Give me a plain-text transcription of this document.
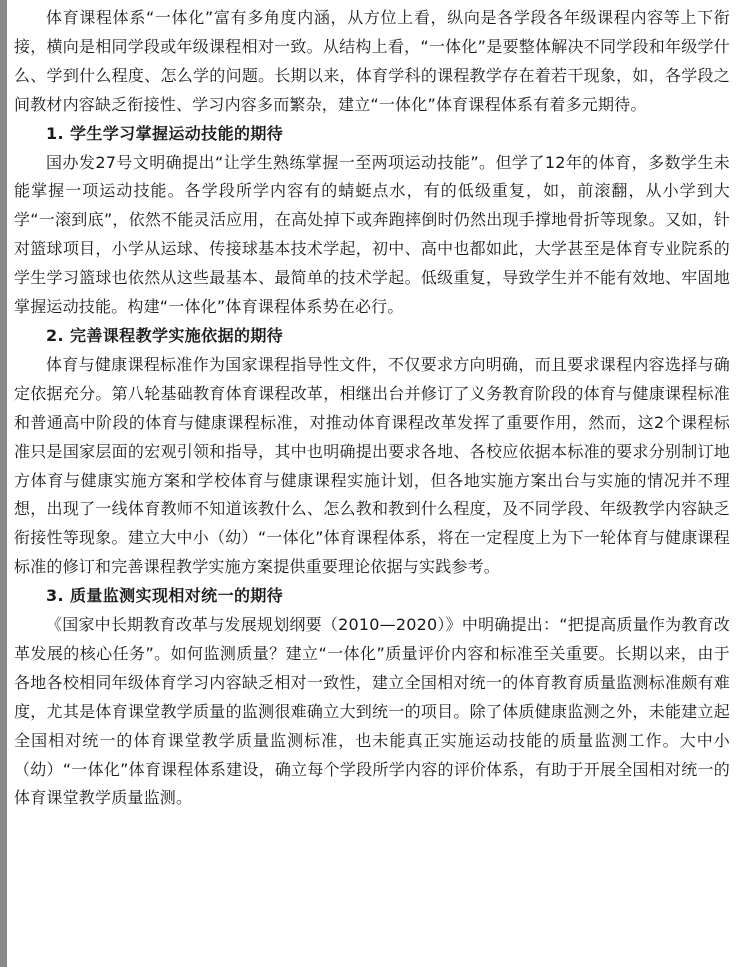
体育课程体系“一体化”富有多角度内涵，从方位上看，纵向是各学段各年级课程内容等上下衔接，横向是相同学段或年级课程相对一致。从结构上看，“一体化”是要整体解决不同学段和年级学什么、学到什么程度、怎么学的问题。长期以来，体育学科的课程教学存在着若干现象，如，各学段之间教材内容缺乏衔接性、学习内容多而繁杂，建立“一体化”体育课程体系有着多元期待。

1. 学生学习掌握运动技能的期待

国办发27号文明确提出“让学生熟练掌握一至两项运动技能”。但学了12年的体育，多数学生未能掌握一项运动技能。各学段所学内容有的蜻蜓点水，有的低级重复，如，前滚翻，从小学到大学“一滚到底”，依然不能灵活应用，在高处掉下或奔跑摔倒时仍然出现手撑地骨折等现象。又如，针对篮球项目，小学从运球、传接球基本技术学起，初中、高中也都如此，大学甚至是体育专业院系的学生学习篮球也依然从这些最基本、最简单的技术学起。低级重复，导致学生并不能有效地、牢固地掌握运动技能。构建“一体化”体育课程体系势在必行。

2. 完善课程教学实施依据的期待

体育与健康课程标准作为国家课程指导性文件，不仅要求方向明确，而且要求课程内容选择与确定依据充分。第八轮基础教育体育课程改革，相继出台并修订了义务教育阶段的体育与健康课程标准和普通高中阶段的体育与健康课程标准，对推动体育课程改革发挥了重要作用，然而，这2个课程标准只是国家层面的宏观引领和指导，其中也明确提出要求各地、各校应依据本标准的要求分别制订地方体育与健康实施方案和学校体育与健康课程实施计划，但各地实施方案出台与实施的情况并不理想，出现了一线体育教师不知道该教什么、怎么教和教到什么程度，及不同学段、年级教学内容缺乏衔接性等现象。建立大中小（幼）“一体化”体育课程体系，将在一定程度上为下一轮体育与健康课程标准的修订和完善课程教学实施方案提供重要理论依据与实践参考。

3. 质量监测实现相对统一的期待

《国家中长期教育改革与发展规划纲要（2010—2020）》中明确提出：“把提高质量作为教育改革发展的核心任务”。如何监测质量？建立“一体化”质量评价内容和标准至关重要。长期以来，由于各地各校相同年级体育学习内容缺乏相对一致性，建立全国相对统一的体育教育质量监测标准颇有难度，尤其是体育课堂教学质量的监测很难确立大到统一的项目。除了体质健康监测之外，未能建立起全国相对统一的体育课堂教学质量监测标准，也未能真正实施运动技能的质量监测工作。大中小（幼）“一体化”体育课程体系建设，确立每个学段所学内容的评价体系，有助于开展全国相对统一的体育课堂教学质量监测。
